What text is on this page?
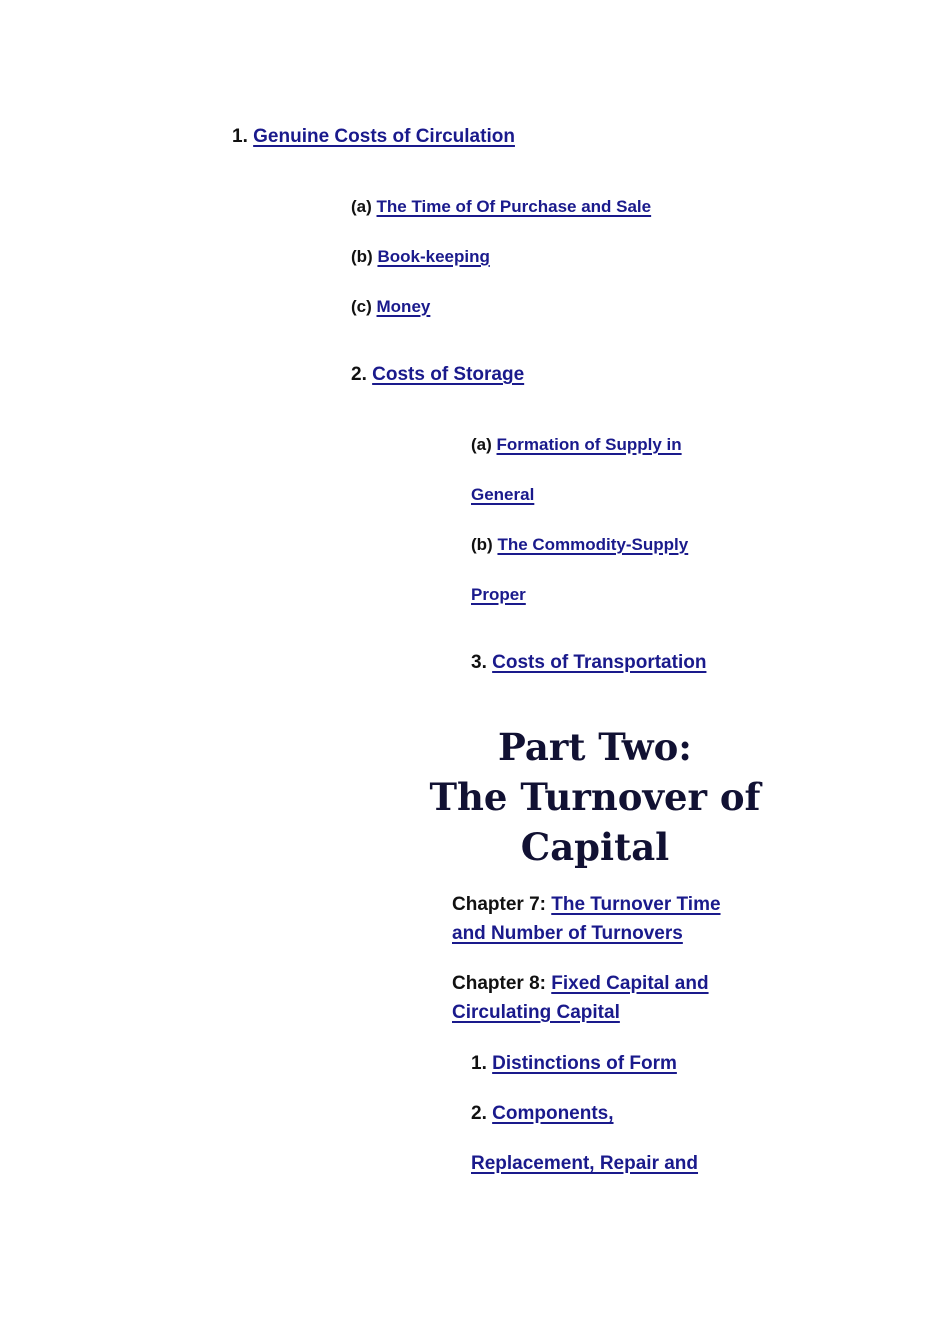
1. Genuine Costs of Circulation
(a) The Time of Of Purchase and Sale
(b) Book-keeping
(c) Money
2. Costs of Storage
(a) Formation of Supply in
General
(b) The Commodity-Supply
Proper
3. Costs of Transportation
Part Two:
The Turnover of
Capital
Chapter 7: The Turnover Time
and Number of Turnovers
Chapter 8: Fixed Capital and
Circulating Capital
1. Distinctions of Form
2. Components,
Replacement, Repair and
